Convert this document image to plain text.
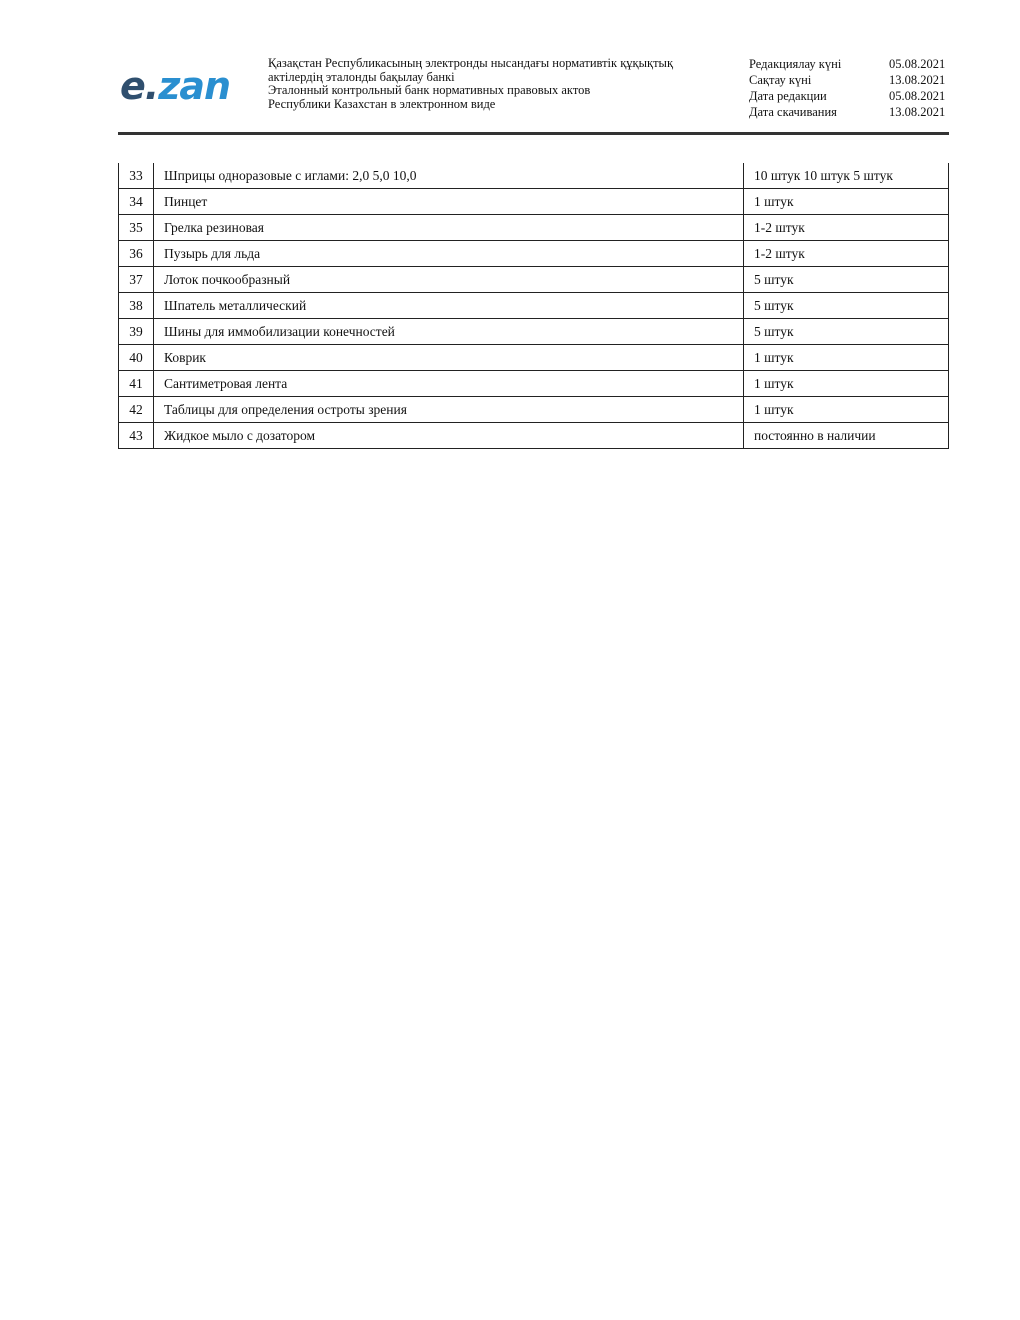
e.zan
Қазақстан Республикасының электронды нысандағы нормативтік құқықтық
актілердің эталонды бақылау банкі
Эталонный контрольный банк нормативных правовых актов
Республики Казахстан в электронном виде
Редакциялау күні	05.08.2021
Сақтау күні	13.08.2021
Дата редакции	05.08.2021
Дата скачивания	13.08.2021
33	Шприцы одноразовые с иглами: 2,0 5,0 10,0	10 штук 10 штук 5 штук
34	Пинцет	1 штук
35	Грелка резиновая	1-2 штук
36	Пузырь для льда	1-2 штук
37	Лоток почкообразный	5 штук
38	Шпатель металлический	5 штук
39	Шины для иммобилизации конечностей	5 штук
40	Коврик	1 штук
41	Сантиметровая лента	1 штук
42	Таблицы для определения остроты зрения	1 штук
43	Жидкое мыло с дозатором	постоянно в наличии
